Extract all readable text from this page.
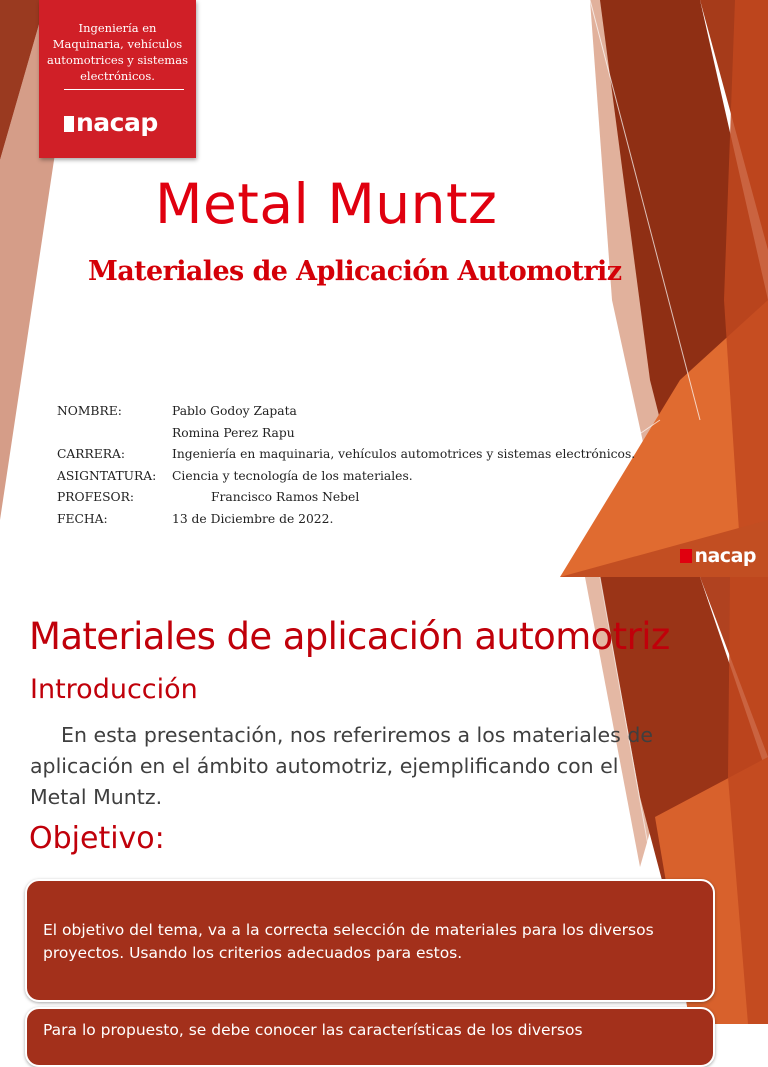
Ingeniería en Maquinaria, vehículos automotrices y sistemas electrónicos.
nacap
Metal Muntz
Materiales de Aplicación Automotriz
NOMBRE:	Pablo Godoy Zapata
Romina Perez Rapu
CARRERA:	Ingeniería en maquinaria, vehículos automotrices y sistemas electrónicos.
ASIGNTATURA: Ciencia y tecnología de los materiales.
PROFESOR:	Francisco Ramos Nebel
FECHA:	13 de Diciembre de 2022.
nacap
Materiales de aplicación automotriz
Introducción
En esta presentación, nos referiremos a los materiales de aplicación en el ámbito automotriz, ejemplificando con el Metal Muntz.
Objetivo:
El objetivo del tema, va a la correcta selección de materiales para los diversos proyectos. Usando los criterios adecuados para estos.
Para lo propuesto, se debe conocer las características de los diversos
